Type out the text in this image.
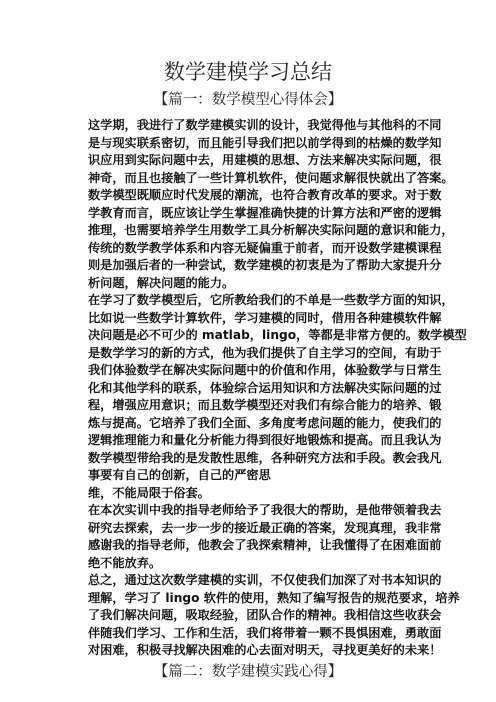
数学建模学习总结
【篇一：数学模型心得体会】
这学期，我进行了数学建模实训的设计，我觉得他与其他科的不同
是与现实联系密切，而且能引导我们把以前学得到的枯燥的数学知
识应用到实际问题中去，用建模的思想、方法来解决实际问题，很
神奇，而且也接触了一些计算机软件，使问题求解很快就出了答案。
数学模型既顺应时代发展的潮流，也符合教育改革的要求。对于数
学教育而言，既应该让学生掌握准确快捷的计算方法和严密的逻辑
推理，也需要培养学生用数学工具分析解决实际问题的意识和能力，
传统的数学教学体系和内容无疑偏重于前者，而开设数学建模课程
则是加强后者的一种尝试，数学建模的初衷是为了帮助大家提升分
析问题，解决问题的能力。
在学习了数学模型后，它所教给我们的不单是一些数学方面的知识，
比如说一些数学计算软件，学习建模的同时，借用各种建模软件解
决问题是必不可少的 matlab，lingo，等都是非常方便的。数学模型
是数学学习的新的方式，他为我们提供了自主学习的空间，有助于
我们体验数学在解决实际问题中的价值和作用，体验数学与日常生
化和其他学科的联系，体验综合运用知识和方法解决实际问题的过
程，增强应用意识；而且数学模型还对我们有综合能力的培养、锻
炼与提高。它培养了我们全面、多角度考虑问题的能力，使我们的
逻辑推理能力和量化分析能力得到很好地锻炼和提高。而且我认为
数学模型带给我的是发散性思维，各种研究方法和手段。教会我凡
事要有自己的创新，自己的严密思
维，不能局限于俗套。
在本次实训中我的指导老师给予了我很大的帮助，是他带领着我去
研究去探索，去一步一步的接近最正确的答案，发现真理，我非常
感谢我的指导老师，他教会了我探索精神，让我懂得了在困难面前
绝不能放弃。
总之，通过这次数学建模的实训，不仅使我们加深了对书本知识的
理解，学习了 lingo 软件的使用，熟知了编写报告的规范要求，培养
了我们解决问题，吸取经验，团队合作的精神。我相信这些收获会
伴随我们学习、工作和生活，我们将带着一颗不畏惧困难，勇敢面
对困难，积极寻找解决困难的心去面对明天，寻找更美好的未来！
【篇二：数学建模实践心得】
